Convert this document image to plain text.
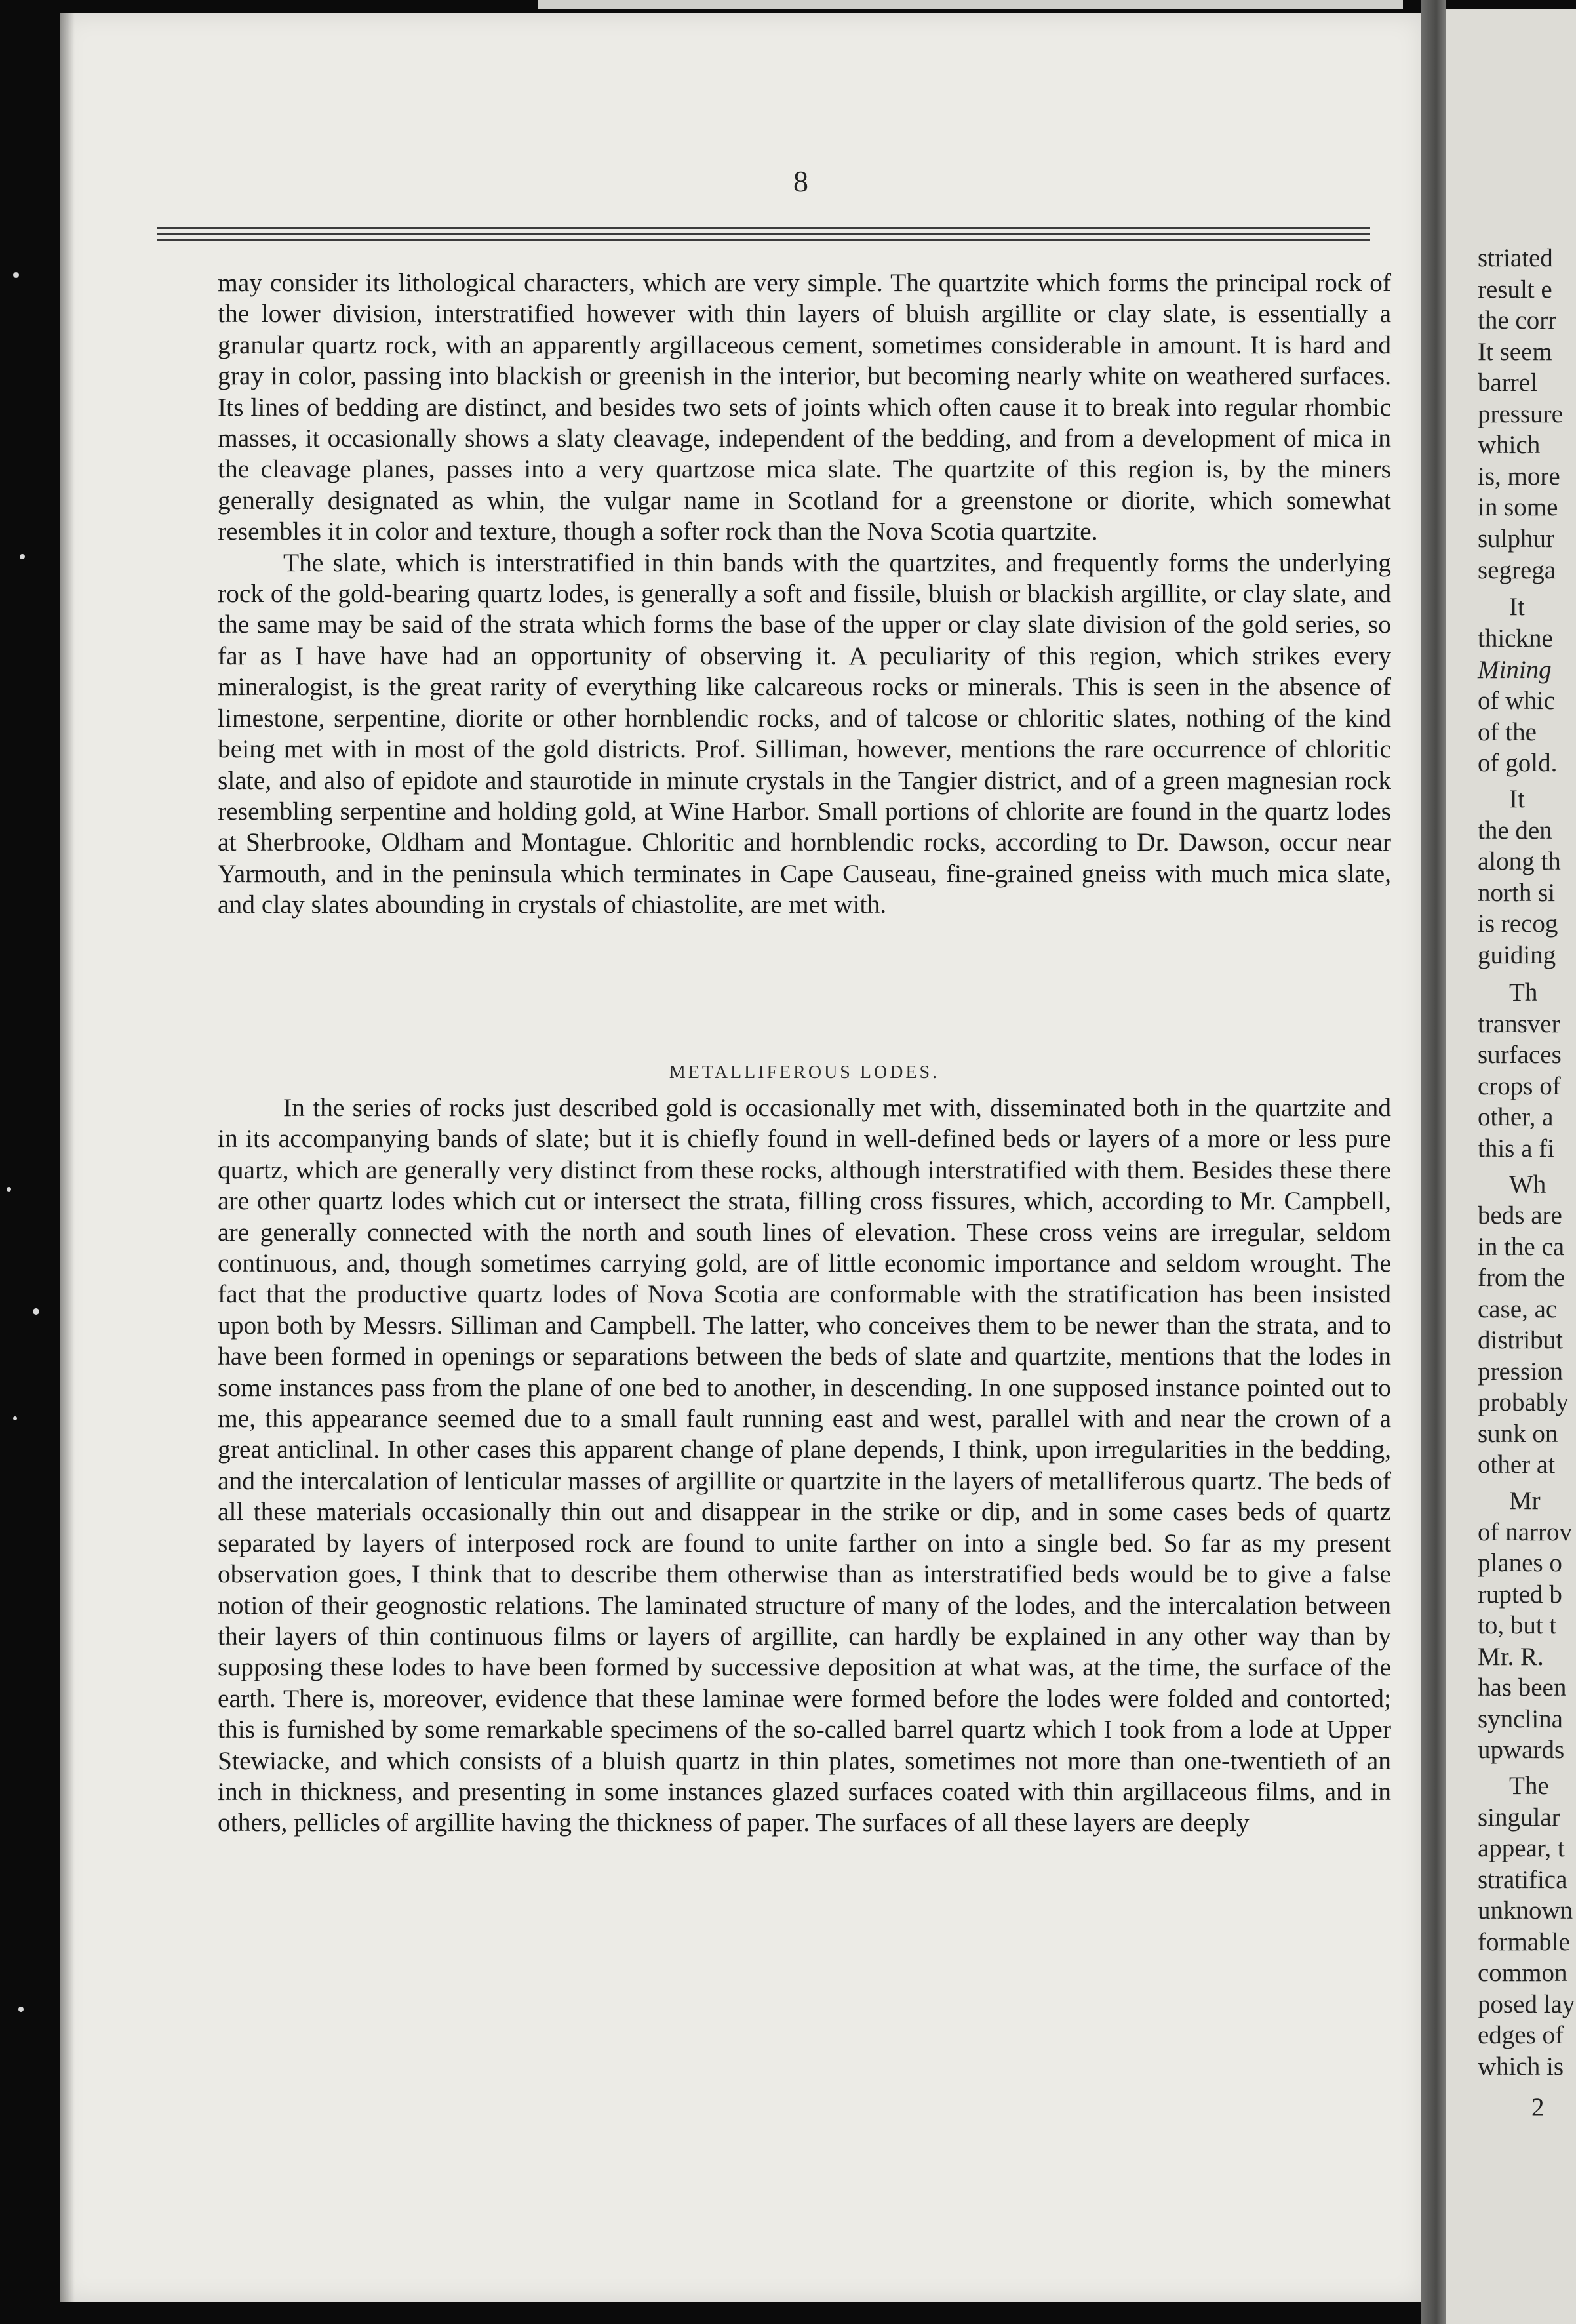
8

may consider its lithological characters, which are very simple. The quartzite which forms the principal rock of the lower division, interstratified however with thin layers of bluish argillite or clay slate, is essentially a granular quartz rock, with an apparently argillaceous cement, sometimes considerable in amount. It is hard and gray in color, passing into blackish or greenish in the interior, but becoming nearly white on weathered surfaces. Its lines of bedding are distinct, and besides two sets of joints which often cause it to break into regular rhombic masses, it occasionally shows a slaty cleavage, independent of the bedding, and from a development of mica in the cleavage planes, passes into a very quartzose mica slate. The quartzite of this region is, by the miners generally designated as whin, the vulgar name in Scotland for a greenstone or diorite, which somewhat resembles it in color and texture, though a softer rock than the Nova Scotia quartzite.

The slate, which is interstratified in thin bands with the quartzites, and frequently forms the underlying rock of the gold-bearing quartz lodes, is generally a soft and fissile, bluish or blackish argillite, or clay slate, and the same may be said of the strata which forms the base of the upper or clay slate division of the gold series, so far as I have have had an opportunity of observing it. A peculiarity of this region, which strikes every mineralogist, is the great rarity of everything like calcareous rocks or minerals. This is seen in the absence of limestone, serpentine, diorite or other hornblendic rocks, and of talcose or chloritic slates, nothing of the kind being met with in most of the gold districts. Prof. Silliman, however, mentions the rare occurrence of chloritic slate, and also of epidote and staurotide in minute crystals in the Tangier district, and of a green magnesian rock resembling serpentine and holding gold, at Wine Harbor. Small portions of chlorite are found in the quartz lodes at Sherbrooke, Oldham and Montague. Chloritic and hornblendic rocks, according to Dr. Dawson, occur near Yarmouth, and in the peninsula which terminates in Cape Causeau, fine-grained gneiss with much mica slate, and clay slates abounding in crystals of chiastolite, are met with.

METALLIFEROUS LODES.

In the series of rocks just described gold is occasionally met with, disseminated both in the quartzite and in its accompanying bands of slate; but it is chiefly found in well-defined beds or layers of a more or less pure quartz, which are generally very distinct from these rocks, although interstratified with them. Besides these there are other quartz lodes which cut or intersect the strata, filling cross fissures, which, according to Mr. Campbell, are generally connected with the north and south lines of elevation. These cross veins are irregular, seldom continuous, and, though sometimes carrying gold, are of little economic importance and seldom wrought. The fact that the productive quartz lodes of Nova Scotia are conformable with the stratification has been insisted upon both by Messrs. Silliman and Campbell. The latter, who conceives them to be newer than the strata, and to have been formed in openings or separations between the beds of slate and quartzite, mentions that the lodes in some instances pass from the plane of one bed to another, in descending. In one supposed instance pointed out to me, this appearance seemed due to a small fault running east and west, parallel with and near the crown of a great anticlinal. In other cases this apparent change of plane depends, I think, upon irregularities in the bedding, and the intercalation of lenticular masses of argillite or quartzite in the layers of metalliferous quartz. The beds of all these materials occasionally thin out and disappear in the strike or dip, and in some cases beds of quartz separated by layers of interposed rock are found to unite farther on into a single bed. So far as my present observation goes, I think that to describe them otherwise than as interstratified beds would be to give a false notion of their geognostic relations. The laminated structure of many of the lodes, and the intercalation between their layers of thin continuous films or layers of argillite, can hardly be explained in any other way than by supposing these lodes to have been formed by successive deposition at what was, at the time, the surface of the earth. There is, moreover, evidence that these laminae were formed before the lodes were folded and contorted; this is furnished by some remarkable specimens of the so-called barrel quartz which I took from a lode at Upper Stewiacke, and which consists of a bluish quartz in thin plates, sometimes not more than one-twentieth of an inch in thickness, and presenting in some instances glazed surfaces coated with thin argillaceous films, and in others, pellicles of argillite having the thickness of paper. The surfaces of all these layers are deeply

striated
result e
the corr
It seem
barrel
pressure
which
is, more
in some
sulphur
segrega
It
thickne
Mining
of whic
of the
of gold.
It
the den
along th
north si
is recog
guiding
Th
transver
surfaces
crops of
other, a
this a fi
Wh
beds are
in the ca
from the
case, ac
distribut
pression
probably
sunk on
other at
Mr
of narrov
planes o
rupted b
to, but t
Mr. R.
has been
synclina
upwards
The
singular
appear, t
stratifica
unknown
formable
common
posed lay
edges of
which is
2
